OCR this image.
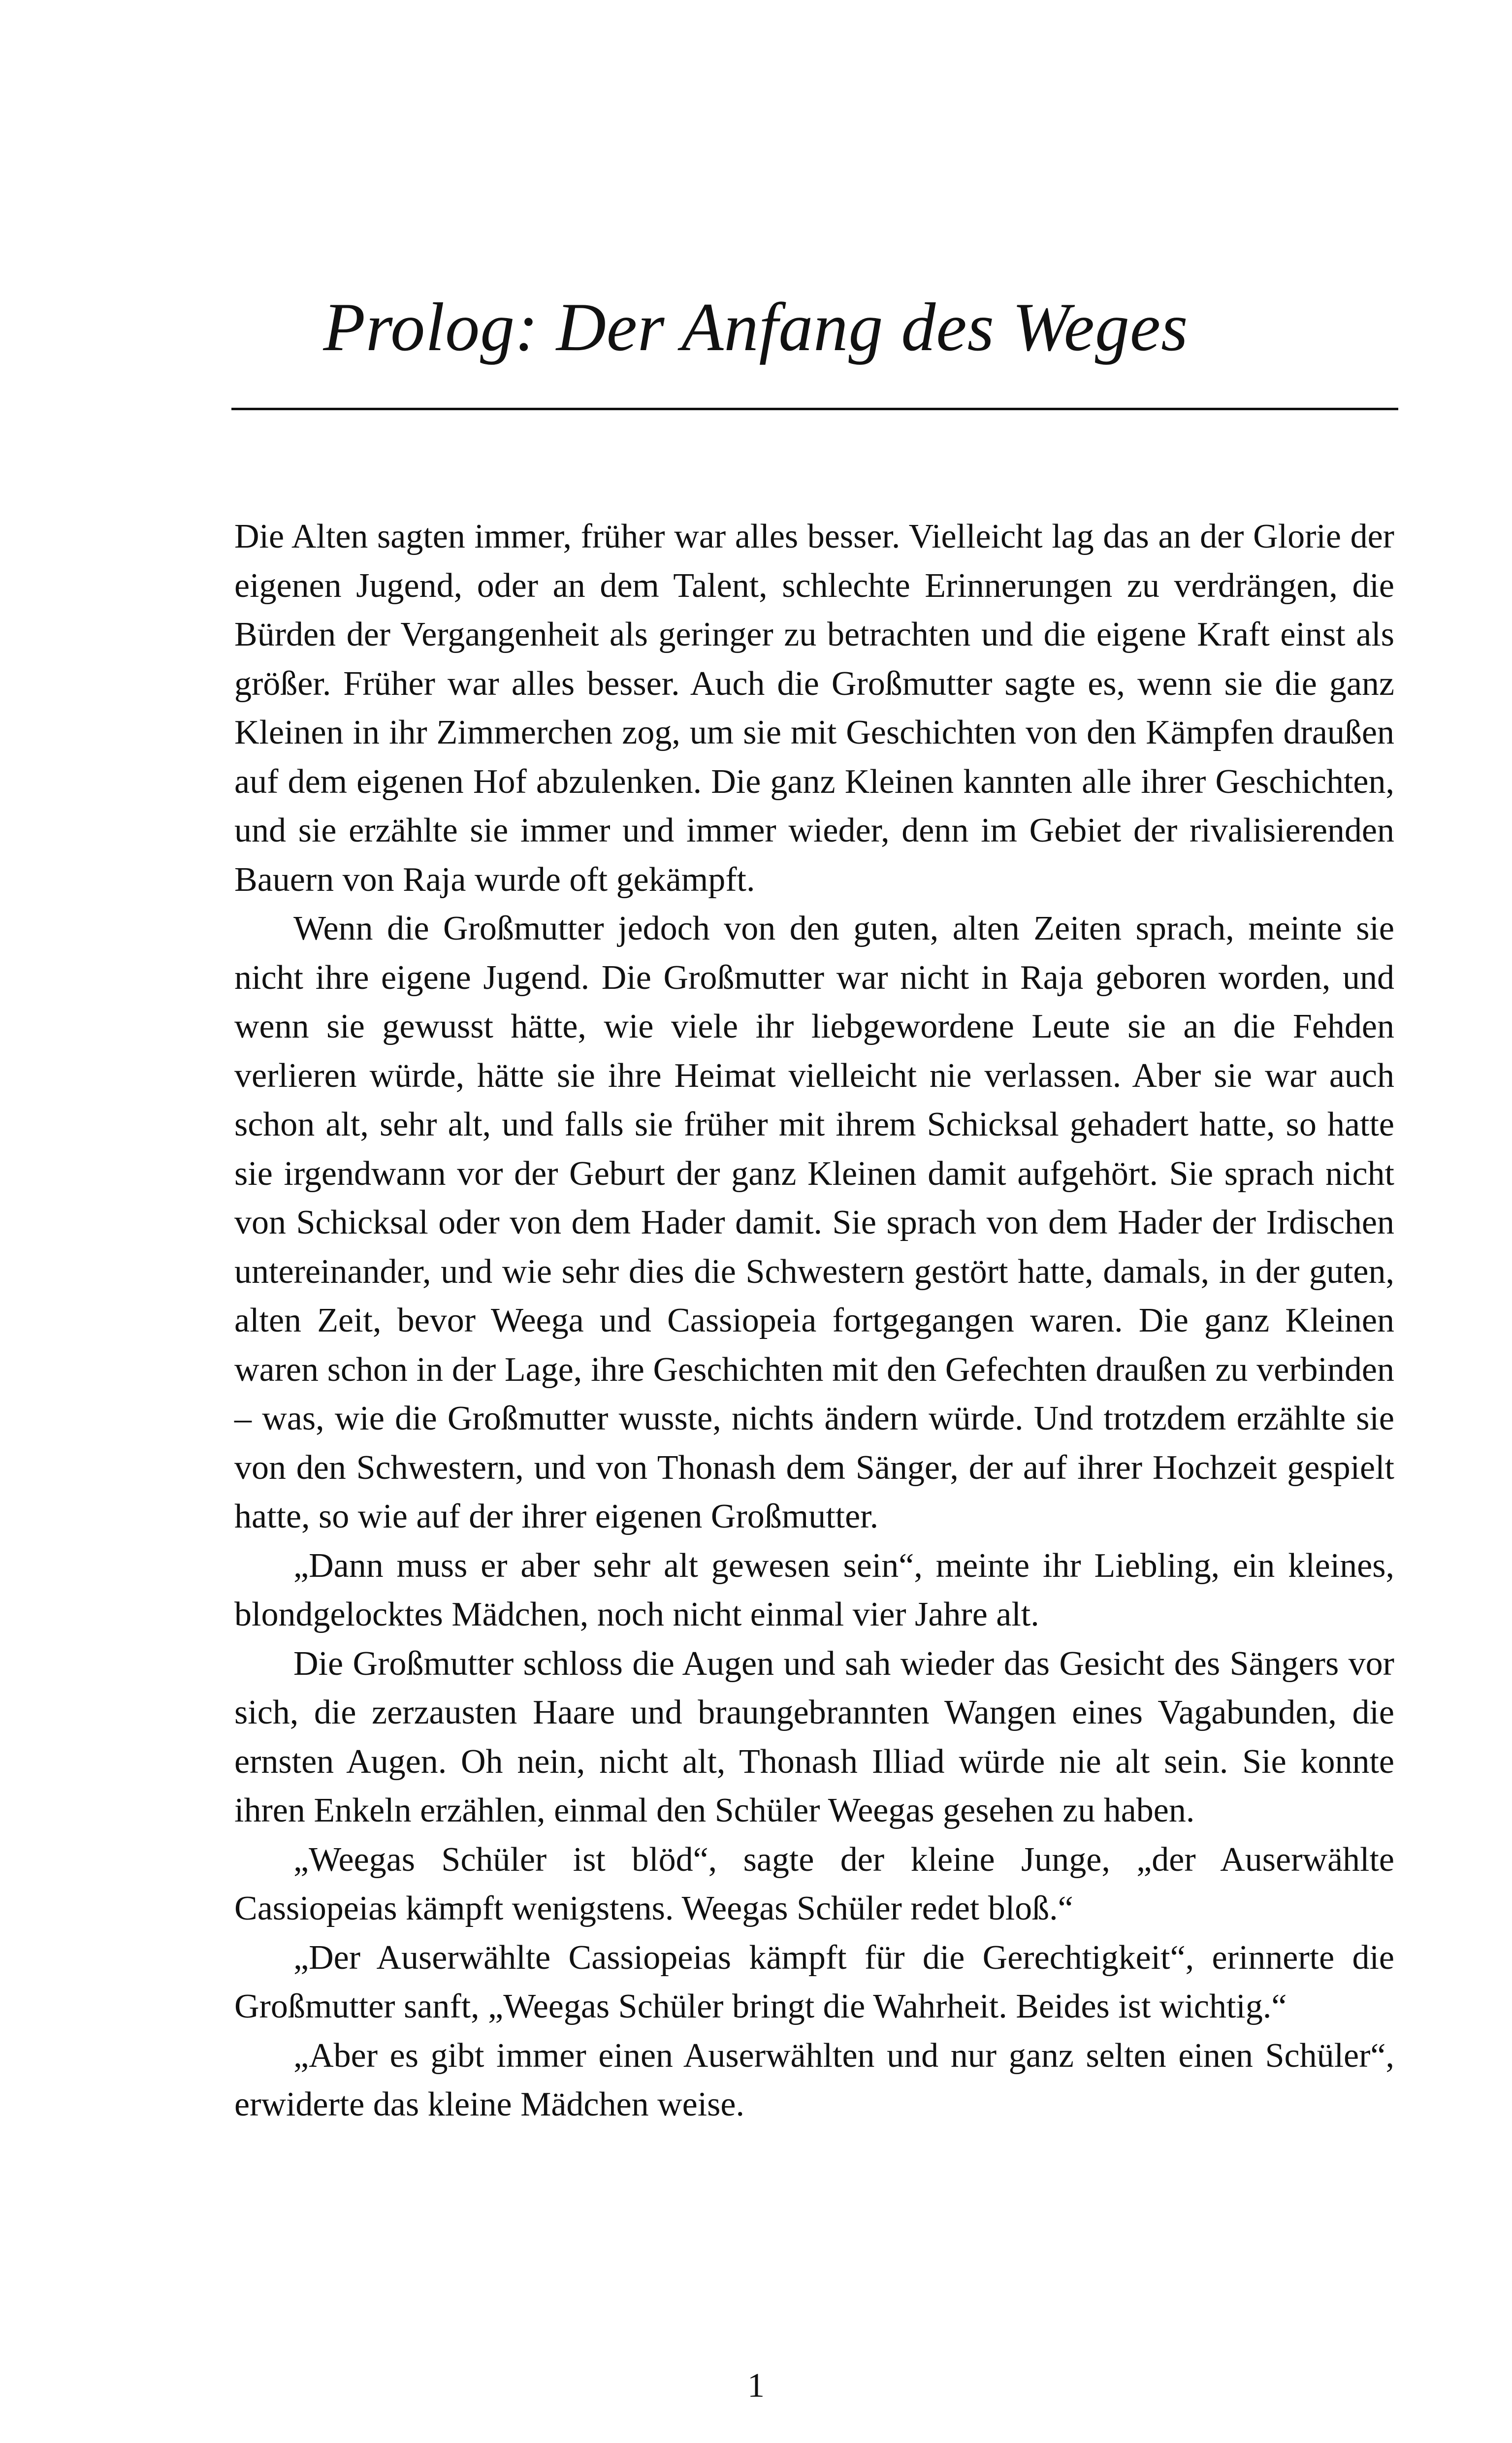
Prolog: Der Anfang des Weges

Die Alten sagten immer, früher war alles besser. Vielleicht lag das an der Glorie der eigenen Jugend, oder an dem Talent, schlechte Erinnerungen zu verdrängen, die Bürden der Vergangenheit als geringer zu betrachten und die eigene Kraft einst als größer. Früher war alles besser. Auch die Großmutter sagte es, wenn sie die ganz Kleinen in ihr Zimmerchen zog, um sie mit Geschichten von den Kämpfen draußen auf dem eigenen Hof abzulenken. Die ganz Kleinen kannten alle ihrer Geschichten, und sie erzählte sie immer und immer wieder, denn im Gebiet der rivalisierenden Bauern von Raja wurde oft gekämpft.

Wenn die Großmutter jedoch von den guten, alten Zeiten sprach, meinte sie nicht ihre eigene Jugend. Die Großmutter war nicht in Raja geboren worden, und wenn sie gewusst hätte, wie viele ihr liebgewordene Leute sie an die Fehden verlieren würde, hätte sie ihre Heimat vielleicht nie verlassen. Aber sie war auch schon alt, sehr alt, und falls sie früher mit ihrem Schicksal gehadert hatte, so hatte sie irgendwann vor der Geburt der ganz Kleinen damit aufgehört. Sie sprach nicht von Schicksal oder von dem Hader damit. Sie sprach von dem Hader der Irdischen untereinander, und wie sehr dies die Schwestern gestört hatte, damals, in der guten, alten Zeit, bevor Weega und Cassiopeia fortgegangen waren. Die ganz Kleinen waren schon in der Lage, ihre Geschichten mit den Gefechten draußen zu verbinden – was, wie die Großmutter wusste, nichts ändern würde. Und trotzdem erzählte sie von den Schwestern, und von Thonash dem Sänger, der auf ihrer Hochzeit gespielt hatte, so wie auf der ihrer eigenen Großmutter.

„Dann muss er aber sehr alt gewesen sein“, meinte ihr Liebling, ein kleines, blondgelocktes Mädchen, noch nicht einmal vier Jahre alt.

Die Großmutter schloss die Augen und sah wieder das Gesicht des Sängers vor sich, die zerzausten Haare und braungebrannten Wangen eines Vagabunden, die ernsten Augen. Oh nein, nicht alt, Thonash Illiad würde nie alt sein. Sie konnte ihren Enkeln erzählen, einmal den Schüler Weegas gesehen zu haben.

„Weegas Schüler ist blöd“, sagte der kleine Junge, „der Auserwählte Cassiopeias kämpft wenigstens. Weegas Schüler redet bloß.“

„Der Auserwählte Cassiopeias kämpft für die Gerechtigkeit“, erinnerte die Großmutter sanft, „Weegas Schüler bringt die Wahrheit. Beides ist wichtig.“

„Aber es gibt immer einen Auserwählten und nur ganz selten einen Schüler“, erwiderte das kleine Mädchen weise.

1
